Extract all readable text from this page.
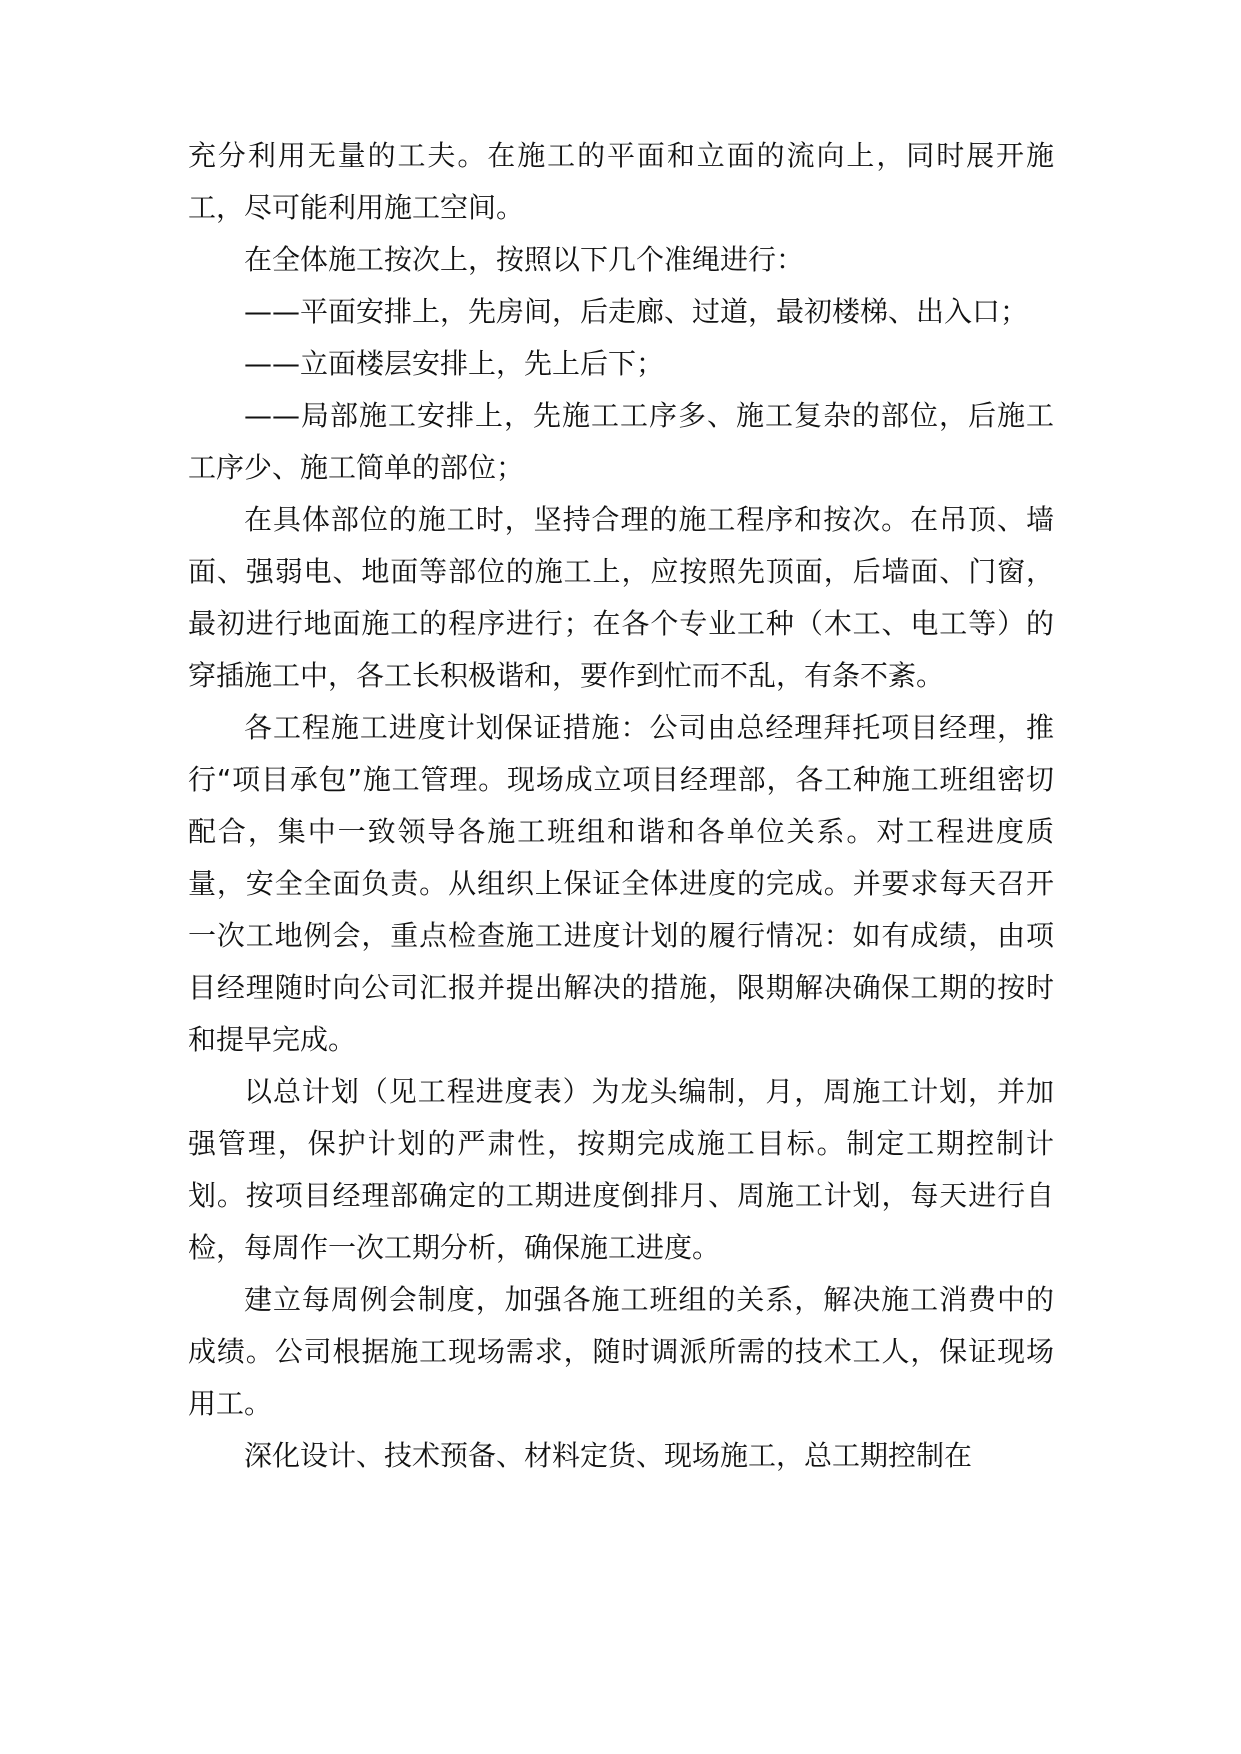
充分利用无量的工夫。在施工的平面和立面的流向上，同时展开施工，尽可能利用施工空间。

在全体施工按次上，按照以下几个准绳进行：

——平面安排上，先房间，后走廊、过道，最初楼梯、出入口；

——立面楼层安排上，先上后下；

——局部施工安排上，先施工工序多、施工复杂的部位，后施工工序少、施工简单的部位；

在具体部位的施工时，坚持合理的施工程序和按次。在吊顶、墙面、强弱电、地面等部位的施工上，应按照先顶面，后墙面、门窗，最初进行地面施工的程序进行；在各个专业工种（木工、电工等）的穿插施工中，各工长积极谐和，要作到忙而不乱，有条不紊。

各工程施工进度计划保证措施：公司由总经理拜托项目经理，推行“项目承包”施工管理。现场成立项目经理部，各工种施工班组密切配合，集中一致领导各施工班组和谐和各单位关系。对工程进度质量，安全全面负责。从组织上保证全体进度的完成。并要求每天召开一次工地例会，重点检查施工进度计划的履行情况：如有成绩，由项目经理随时向公司汇报并提出解决的措施，限期解决确保工期的按时和提早完成。

以总计划（见工程进度表）为龙头编制，月，周施工计划，并加强管理，保护计划的严肃性，按期完成施工目标。制定工期控制计划。按项目经理部确定的工期进度倒排月、周施工计划，每天进行自检，每周作一次工期分析，确保施工进度。

建立每周例会制度，加强各施工班组的关系，解决施工消费中的成绩。公司根据施工现场需求，随时调派所需的技术工人，保证现场用工。

深化设计、技术预备、材料定货、现场施工，总工期控制在
